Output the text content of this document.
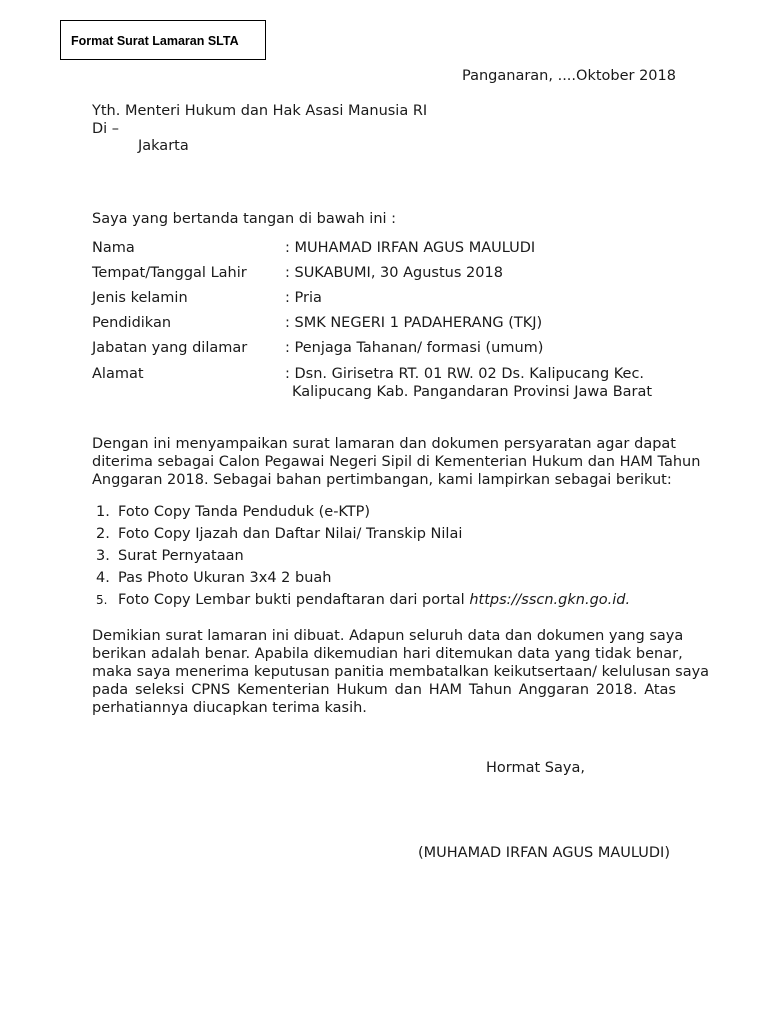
Format Surat Lamaran SLTA
Panganaran, ....Oktober 2018
Yth. Menteri Hukum dan Hak Asasi Manusia RI
Di –
Jakarta
Saya yang bertanda tangan di bawah ini :
Nama	: MUHAMAD IRFAN AGUS MAULUDI
Tempat/Tanggal Lahir	: SUKABUMI, 30 Agustus 2018
Jenis kelamin	: Pria
Pendidikan	: SMK NEGERI 1 PADAHERANG (TKJ)
Jabatan yang dilamar	: Penjaga Tahanan/ formasi (umum)
Alamat	: Dsn. Girisetra RT. 01 RW. 02 Ds. Kalipucang Kec.
Kalipucang Kab. Pangandaran Provinsi Jawa Barat
Dengan ini menyampaikan surat lamaran dan dokumen persyaratan agar dapat
diterima sebagai Calon Pegawai Negeri Sipil di Kementerian Hukum dan HAM Tahun
Anggaran 2018. Sebagai bahan pertimbangan, kami lampirkan sebagai berikut:
1. Foto Copy Tanda Penduduk (e-KTP)
2. Foto Copy Ijazah dan Daftar Nilai/ Transkip Nilai
3. Surat Pernyataan
4. Pas Photo Ukuran 3x4 2 buah
5. Foto Copy Lembar bukti pendaftaran dari portal https://sscn.gkn.go.id.
Demikian surat lamaran ini dibuat. Adapun seluruh data dan dokumen yang saya
berikan adalah benar. Apabila dikemudian hari ditemukan data yang tidak benar,
maka saya menerima keputusan panitia membatalkan keikutsertaan/ kelulusan saya
pada seleksi CPNS Kementerian Hukum dan HAM Tahun Anggaran 2018. Atas
perhatiannya diucapkan terima kasih.
Hormat Saya,
(MUHAMAD IRFAN AGUS MAULUDI)
